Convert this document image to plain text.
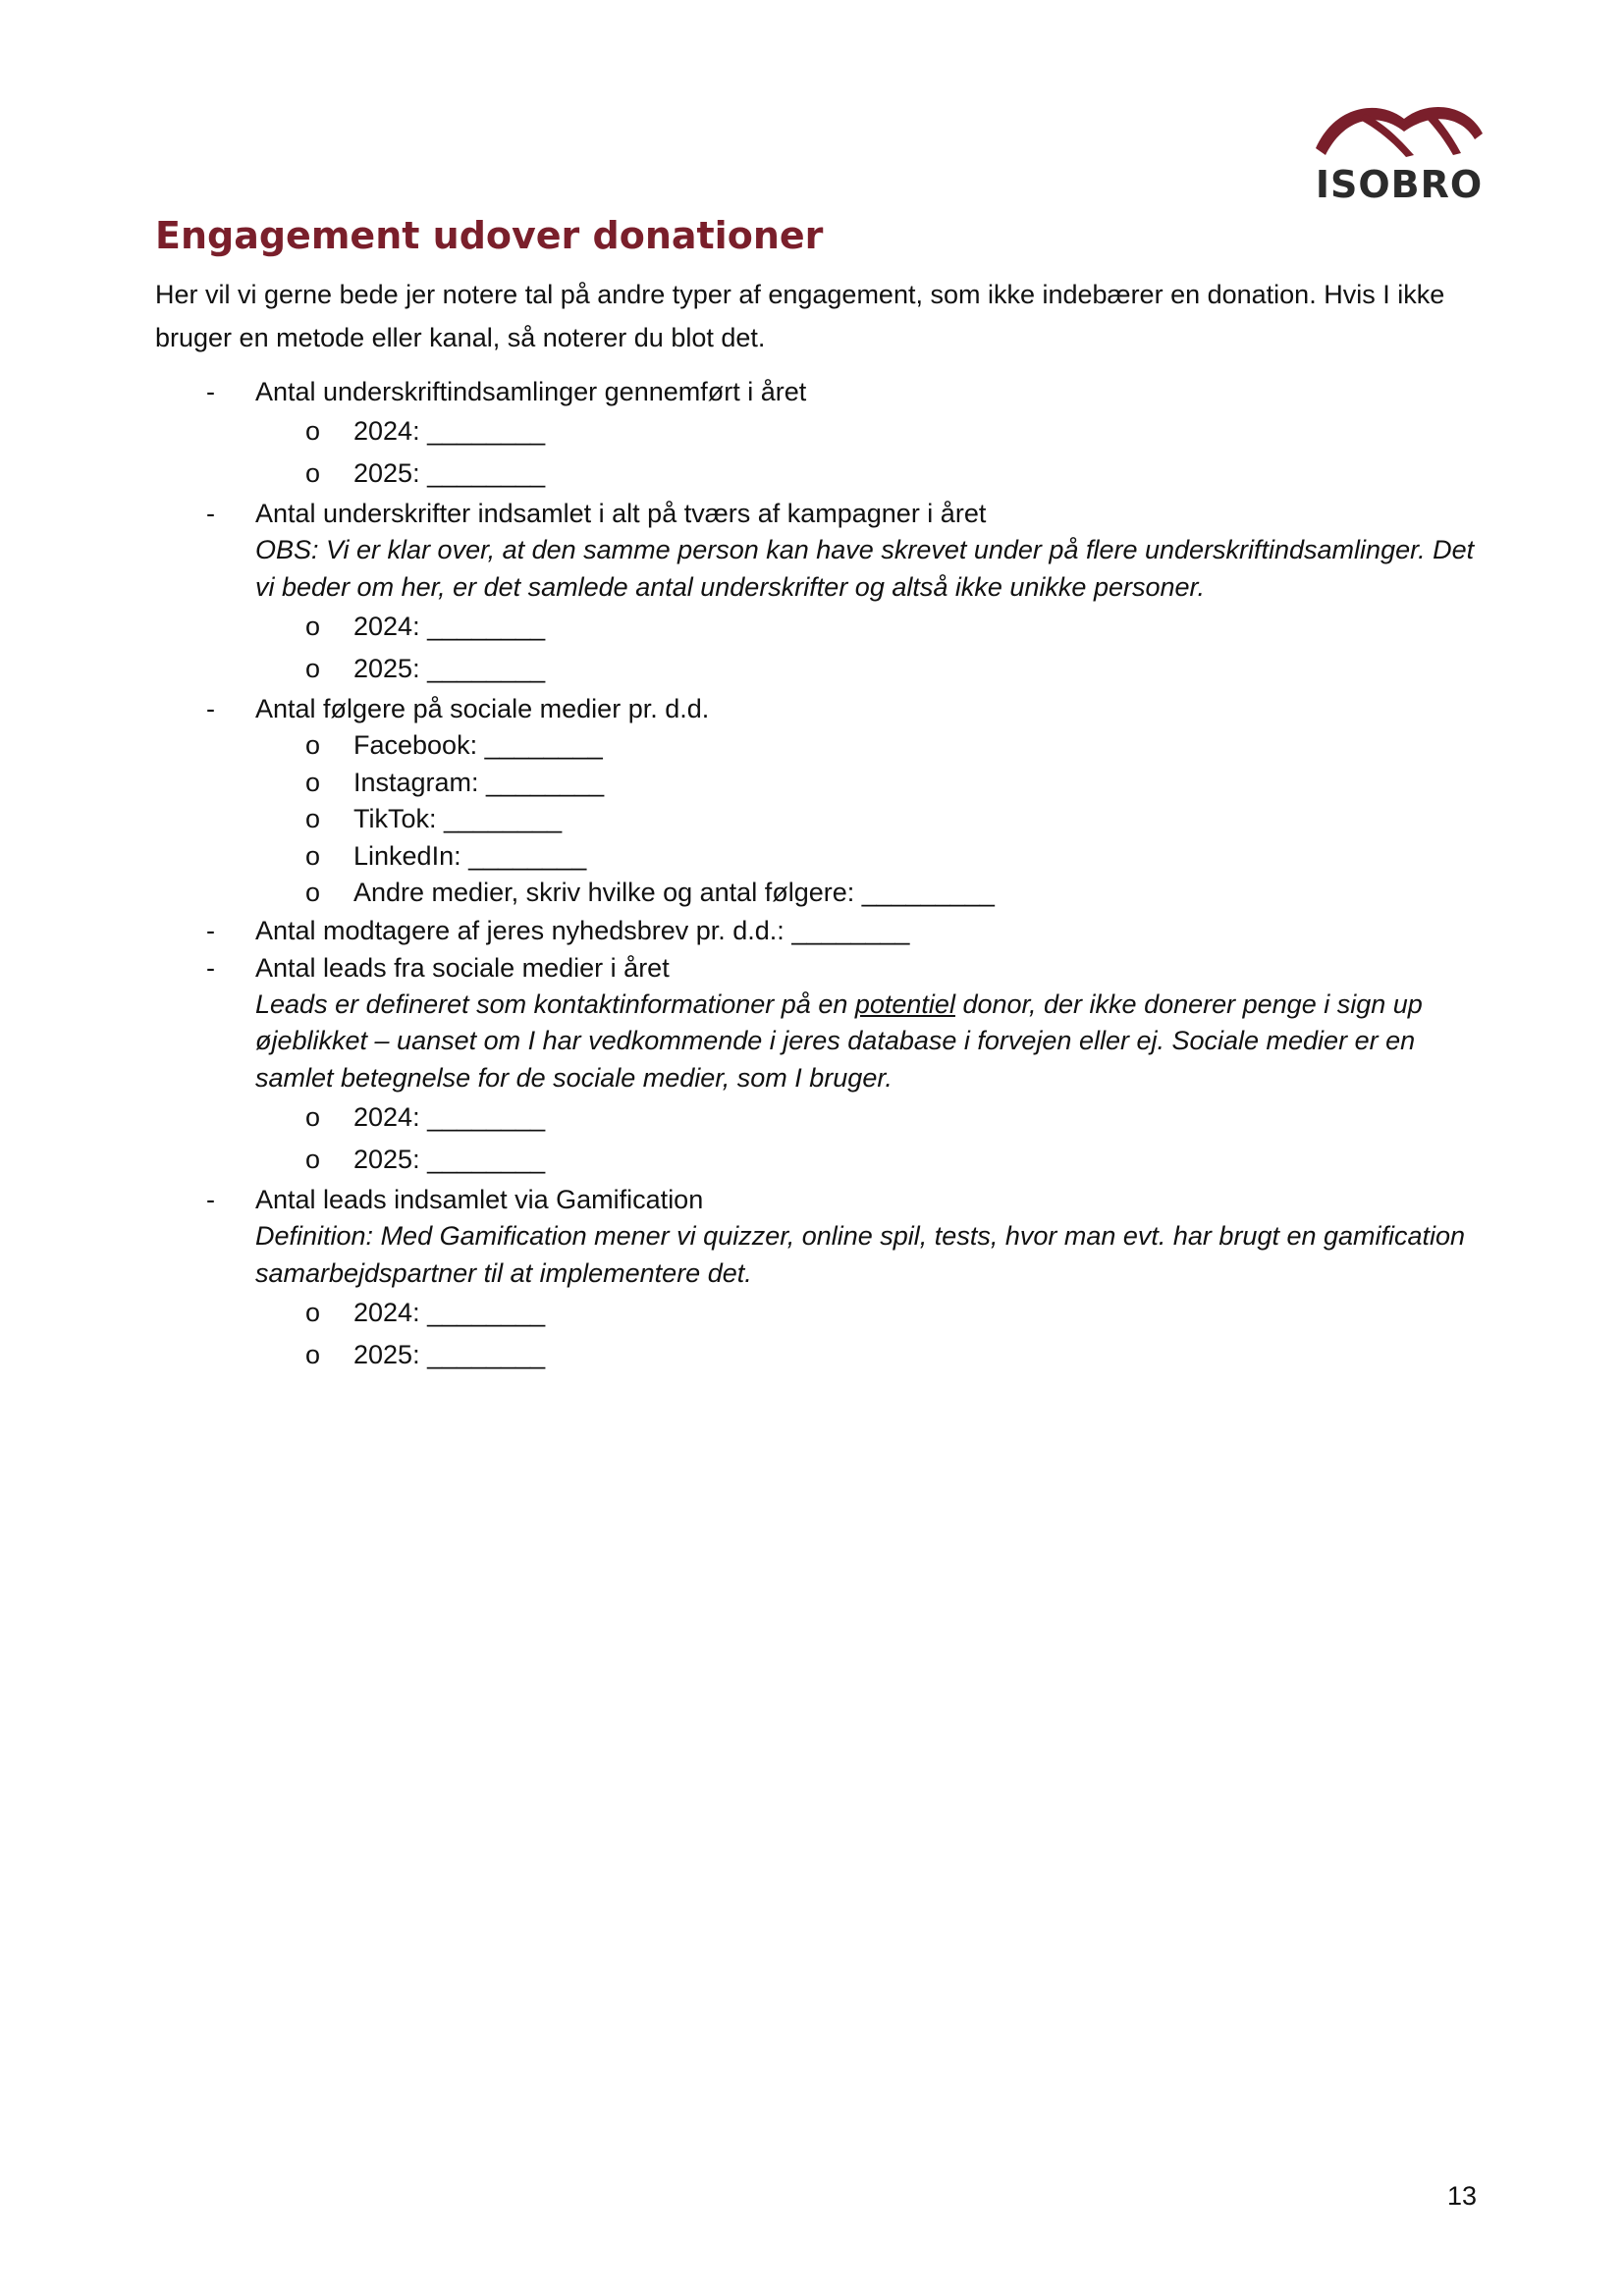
ISOBRO
Engagement udover donationer

Her vil vi gerne bede jer notere tal på andre typer af engagement, som ikke indebærer en donation. Hvis I ikke bruger en metode eller kanal, så noterer du blot det.

- Antal underskriftindsamlinger gennemført i året
o 2024: ________
o 2025: ________
- Antal underskrifter indsamlet i alt på tværs af kampagner i året
OBS: Vi er klar over, at den samme person kan have skrevet under på flere underskriftindsamlinger. Det vi beder om her, er det samlede antal underskrifter og altså ikke unikke personer.
o 2024: ________
o 2025: ________
- Antal følgere på sociale medier pr. d.d.
o Facebook: ________
o Instagram: ________
o TikTok: ________
o LinkedIn: ________
o Andre medier, skriv hvilke og antal følgere: _________
- Antal modtagere af jeres nyhedsbrev pr. d.d.: ________
- Antal leads fra sociale medier i året
Leads er defineret som kontaktinformationer på en potentiel donor, der ikke donerer penge i sign up øjeblikket – uanset om I har vedkommende i jeres database i forvejen eller ej. Sociale medier er en samlet betegnelse for de sociale medier, som I bruger.
o 2024: ________
o 2025: ________
- Antal leads indsamlet via Gamification
Definition: Med Gamification mener vi quizzer, online spil, tests, hvor man evt. har brugt en gamification samarbejdspartner til at implementere det.
o 2024: ________
o 2025: ________
13
